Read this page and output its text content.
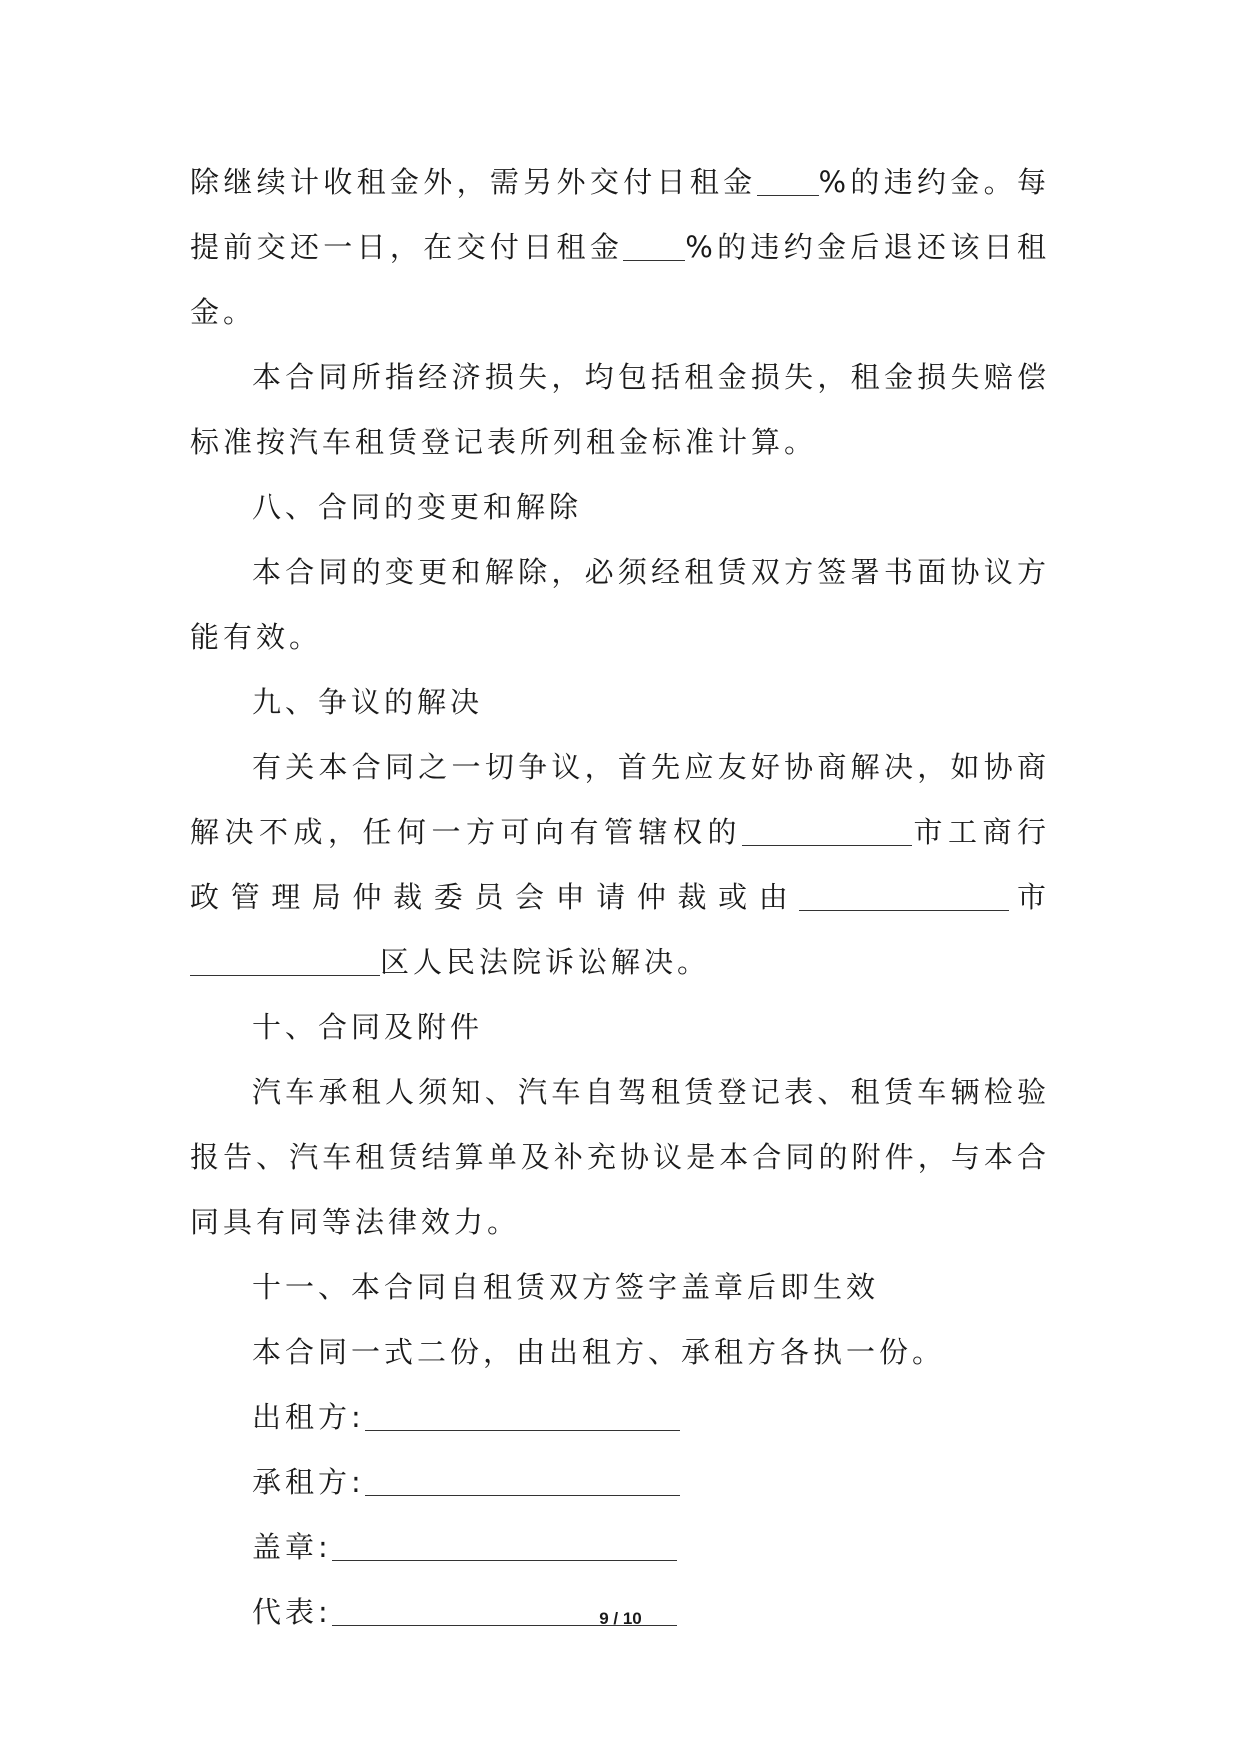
除继续计收租金外，需另外交付日租金 %的违约金。每提前交还一日，在交付日租金 %的违约金后退还该日租金。

本合同所指经济损失，均包括租金损失，租金损失赔偿标准按汽车租赁登记表所列租金标准计算。

八、合同的变更和解除

本合同的变更和解除，必须经租赁双方签署书面协议方能有效。

九、争议的解决

有关本合同之一切争议，首先应友好协商解决，如协商解决不成，任何一方可向有管辖权的	市工商行政管理局仲裁委员会申请仲裁或由	市区人民法院诉讼解决。

十、合同及附件

汽车承租人须知、汽车自驾租赁登记表、租赁车辆检验报告、汽车租赁结算单及补充协议是本合同的附件，与本合同具有同等法律效力。

十一、本合同自租赁双方签字盖章后即生效

本合同一式二份，由出租方、承租方各执一份。

出租方:
承租方:
盖章:
代表:	9 / 10
